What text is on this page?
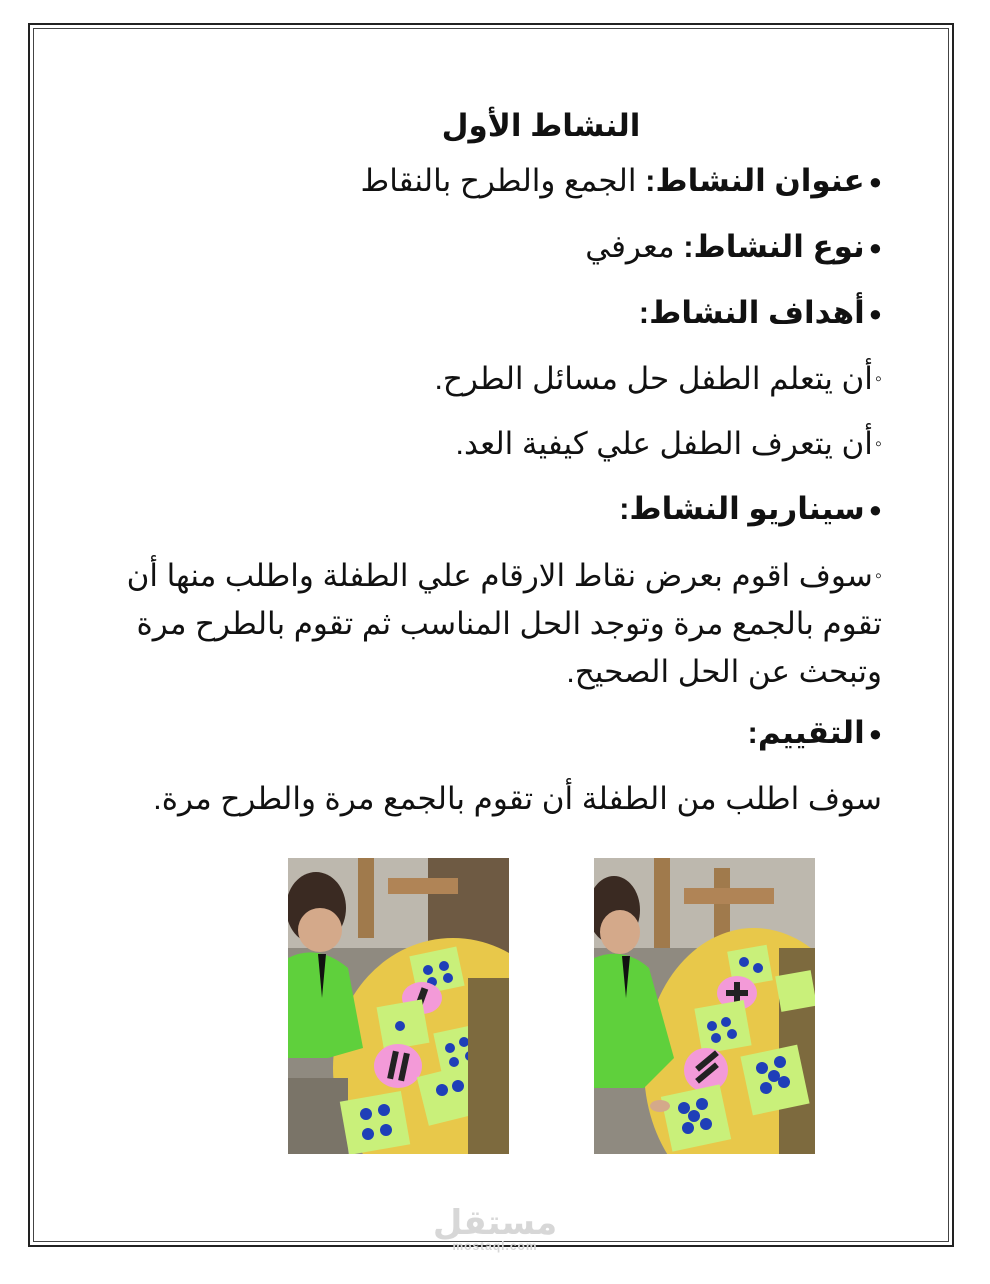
النشاط الأول
●عنوان النشاط: الجمع والطرح بالنقاط
●نوع النشاط: معرفي
●أهداف النشاط:
◦أن يتعلم الطفل حل مسائل الطرح.
◦أن يتعرف الطفل علي كيفية العد.
●سيناريو النشاط:
◦سوف اقوم بعرض نقاط الارقام علي الطفلة واطلب منها أن تقوم بالجمع مرة وتوجد الحل المناسب ثم تقوم بالطرح مرة وتبحث عن الحل الصحيح.
●التقييم:
سوف اطلب من الطفلة أن تقوم بالجمع مرة والطرح مرة.
مستقل
mostaql.com
